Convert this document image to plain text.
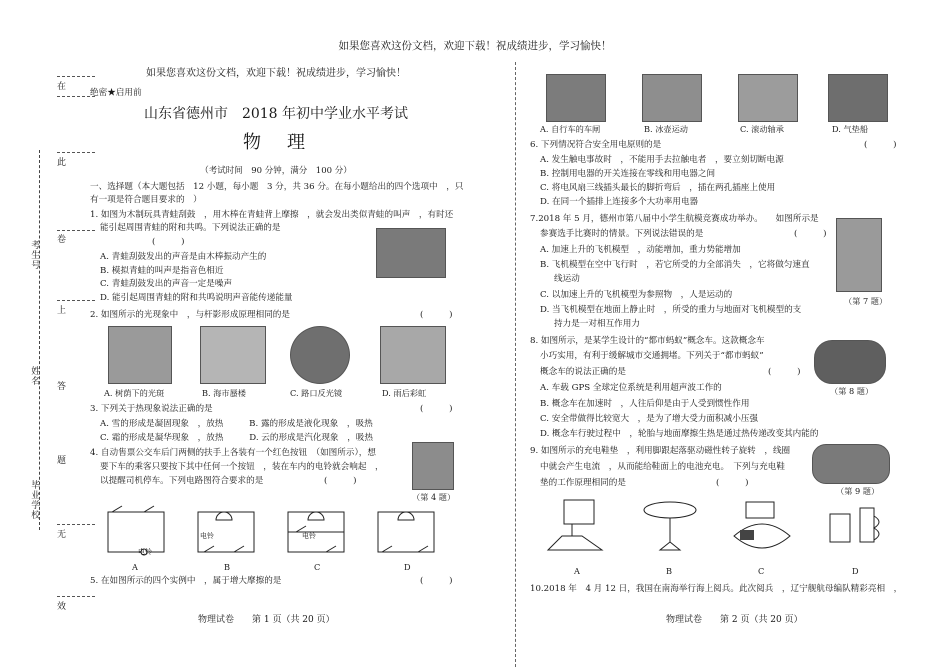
如果您喜欢这份文档，欢迎下载！祝成绩进步，学习愉快！
在
此
卷
上
答
题
无
效
考生号
姓名
毕业学校
如果您喜欢这份文档，欢迎下载！祝成绩进步，学习愉快！
绝密★启用前
山东省德州市　2018 年初中学业水平考试
物　理
（考试时间　90 分钟，满分　100 分）
一、选择题（本大题包括　12 小题，每小题　3 分，共 36 分。在每小题给出的四个选项中　，只
有一项是符合题目要求的　）
1. 如图为木制玩具青蛙刮鼓　，用木棒在青蛙背上摩擦　，就会发出类似青蛙的叫声　，有时还
能引起周围青蛙的附和共鸣。下列说法正确的是
(　　　)
A. 青蛙刮鼓发出的声音是由木棒振动产生的
B. 模拟青蛙的叫声是指音色相近
C. 青蛙刮鼓发出的声音一定是噪声
D. 能引起周围青蛙的附和共鸣说明声音能传递能量
2. 如图所示的光现象中　，与杆影形成原理相同的是	(　　　)
A. 树荫下的光斑	B. 海市蜃楼	C. 路口反光镜	D. 雨后彩虹
3. 下列关于热现象说法正确的是	(　　　)
A. 雪的形成是凝固现象　，放热　　　B. 露的形成是液化现象　，吸热
C. 霜的形成是凝华现象　，放热　　　D. 云的形成是汽化现象　，吸热
4. 自动售票公交车后门两侧的扶手上各装有一个红色按钮　（如图所示），想
要下车的乘客只要按下其中任何一个按钮　，装在车内的电铃就会响起　，
以提醒司机停车。下列电路图符合要求的是	(　　　)
（第 4 题）
电铃
电铃	电铃
A	B	C	D
5. 在如图所示的四个实例中　，属于增大摩擦的是	(　　　)
物理试卷　　第 1 页（共 20 页）
A. 自行车的车闸	B. 冰壶运动	C. 滚动轴承	D. 气垫船
6. 下列情况符合安全用电原则的是	(　　　)
A. 发生触电事故时　，不能用手去拉触电者　，要立刻切断电源
B. 控制用电器的开关连接在零线和用电器之间
C. 将电风扇三线插头最长的脚折弯后　，插在两孔插座上使用
D. 在同一个插排上连接多个大功率用电器
7.2018 年 5 月，德州市第八届中小学生航模竞赛成功举办。　　如图所示是
参赛选手比赛时的情景。下列说法错误的是	(　　　)
（第 7 题）
A. 加速上升的飞机模型　，动能增加，重力势能增加
B. 飞机模型在空中飞行时　，若它所受的力全部消失　，它将做匀速直
线运动
C. 以加速上升的飞机模型为参照物　，人是运动的
D. 当飞机模型在地面上静止时　，所受的重力与地面对飞机模型的支
持力是一对相互作用力
8. 如图所示，是某学生设计的“都市蚂蚁”概念车。这款概念车
小巧实用，有利于缓解城市交通拥堵。下列关于“都市蚂蚁”
概念车的说法正确的是	(　　　)
（第 8 题）
A. 车载 GPS 全球定位系统是利用超声波工作的
B. 概念车在加速时　，人往后仰是由于人受到惯性作用
C. 安全带做得比较宽大　，是为了增大受力面积减小压强
D. 概念车行驶过程中　，轮胎与地面摩擦生热是通过热传递改变其内能的
9. 如图所示的充电鞋垫　，利用脚跟起落驱动磁性转子旋转　，线圈
中就会产生电流　，从而能给鞋面上的电池充电。　下列与充电鞋
垫的工作原理相同的是	(　　　)
（第 9 题）
A	B	C	D
10.2018 年　4 月 12 日，我国在南海举行海上阅兵。此次阅兵　，辽宁舰航母编队精彩亮相　，
物理试卷　　第 2 页（共 20 页）
